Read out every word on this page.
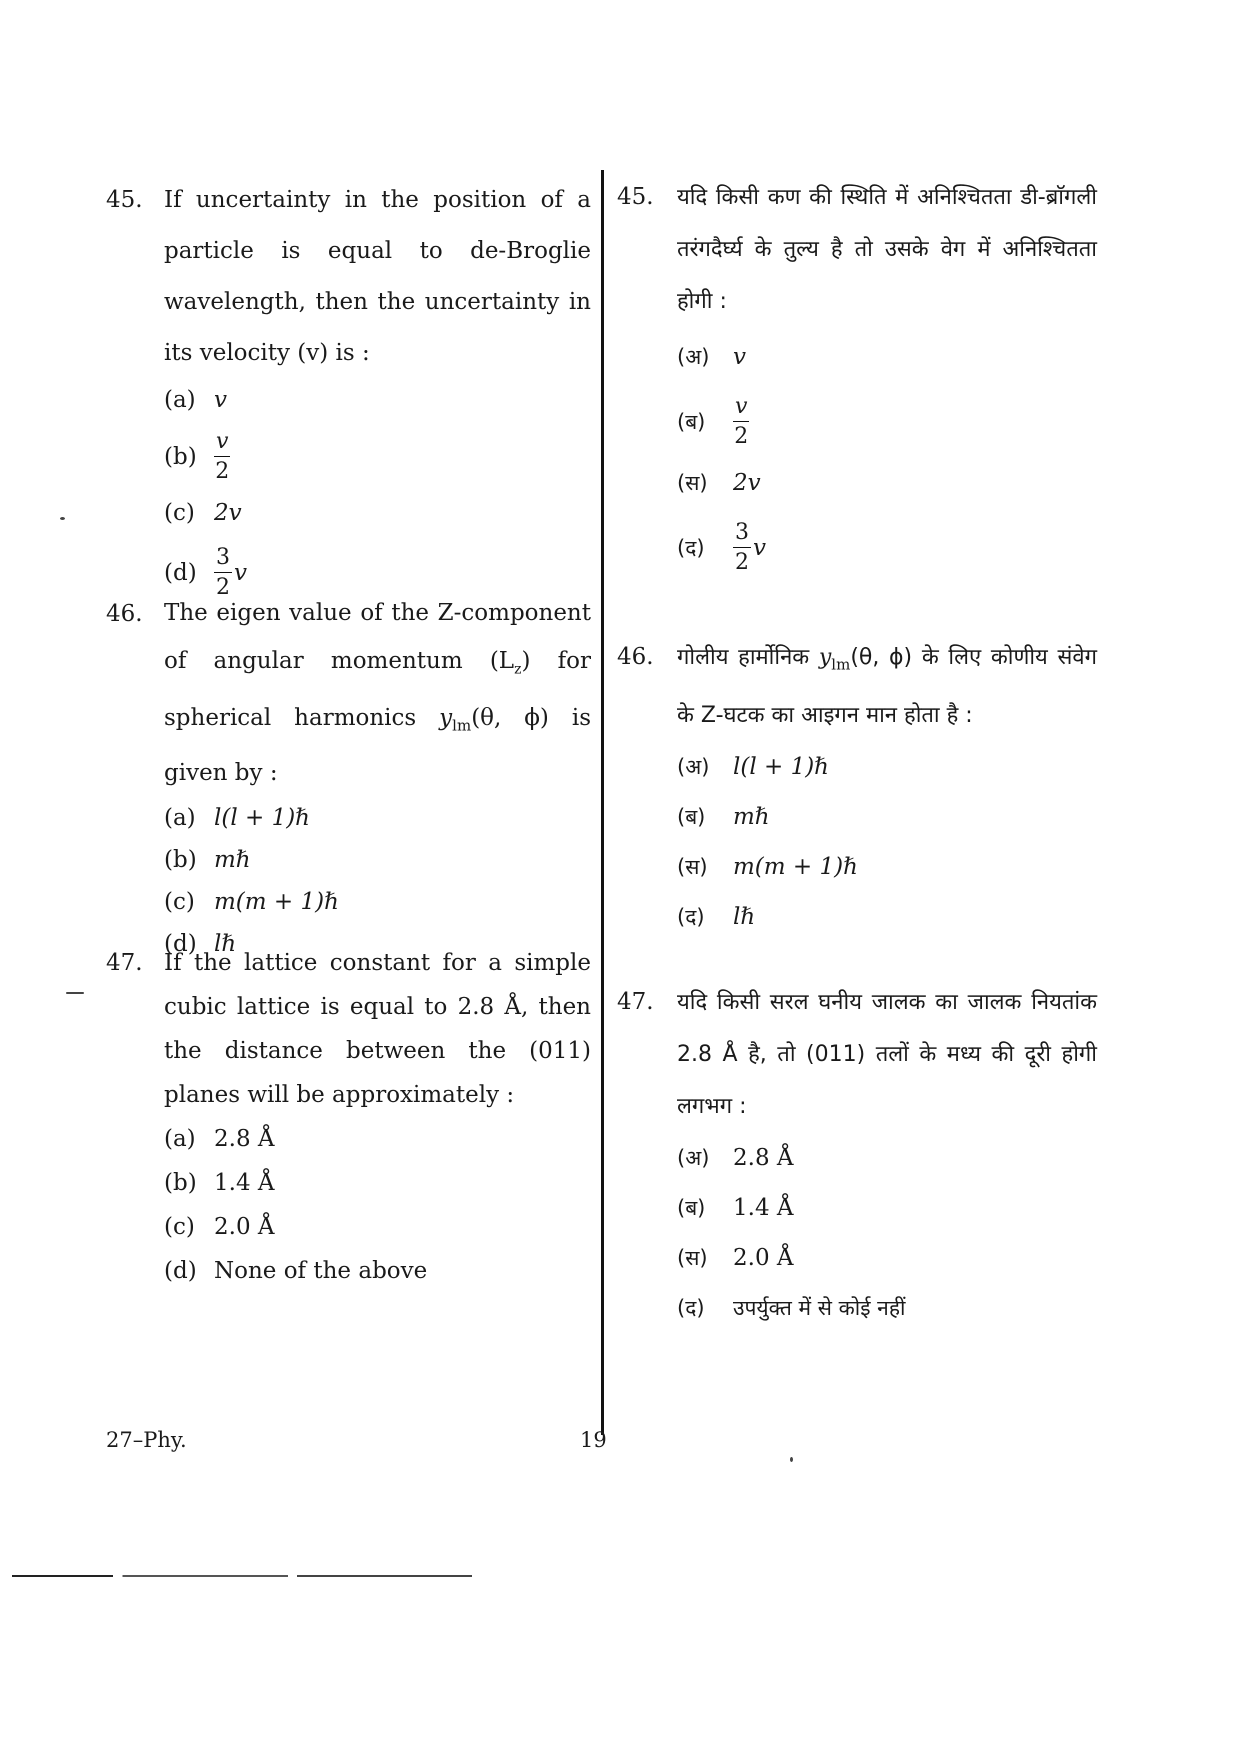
45. If uncertainty in the position of a particle is equal to de-Broglie wavelength, then the uncertainty in its velocity (v) is :
(a) v
$(b) \frac{v}{2}$
(c) 2v
$(d) \frac{3}{2}$ v
46. The eigen value of the Z-component of angular momentum $(L_z)$ for spherical harmonics $y_{lm}(\theta$, ϕ) is given by :
(a) l(l + 1)ℏ
(b) mℏ
(c) m(m + 1)ℏ
(d) lℏ
47. If the lattice constant for a simple cubic lattice is equal to 2.8 Å, then the distance between the (011) planes will be approximately :
(a) 2.8 Å
(b) 1.4 Å
(c) 2.0 Å
(d) None of the above
45. यदि किसी कण की स्थिति में अनिश्चितता डी-ब्राॅगली तरंगदैर्घ्य के तुल्य है तो उसके वेग में अनिश्चितता होगी :
(अ)	v
(ब)	$\frac{v}{2}$
(स)	2v
(द)	$\frac{3}{2}$ v
46. गोलीय हार्मोनिक $y_{lm}(\theta$, ϕ) के लिए कोणीय संवेग के Z-घटक का आइगन मान होता है :
(अ)	l(l + 1)ℏ
(ब)	mℏ
(स)	m(m + 1)ℏ
(द)	lℏ
47. यदि किसी सरल घनीय जालक का जालक नियतांक 2.8 Å है, तो (011) तलों के मध्य की दूरी होगी लगभग :
(अ)	2.8 Å
(ब)	1.4 Å
(स)	2.0 Å
(द)	उपर्युक्त में से कोई नहीं
27–Phy.	19
